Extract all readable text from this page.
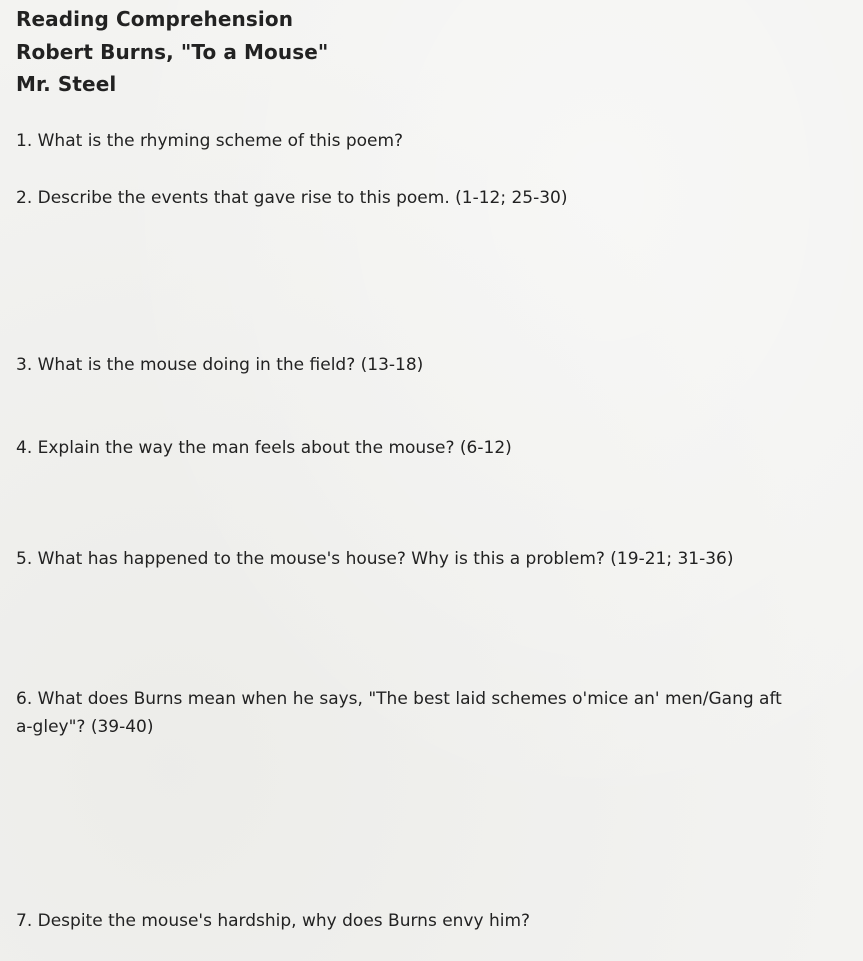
Reading Comprehension
Robert Burns, "To a Mouse"
Mr. Steel
1. What is the rhyming scheme of this poem?
2. Describe the events that gave rise to this poem. (1-12; 25-30)
3. What is the mouse doing in the field? (13-18)
4. Explain the way the man feels about the mouse? (6-12)
5. What has happened to the mouse's house? Why is this a problem? (19-21; 31-36)
6. What does Burns mean when he says, "The best laid schemes o'mice an' men/Gang aft
a-gley"? (39-40)
7. Despite the mouse's hardship, why does Burns envy him?
